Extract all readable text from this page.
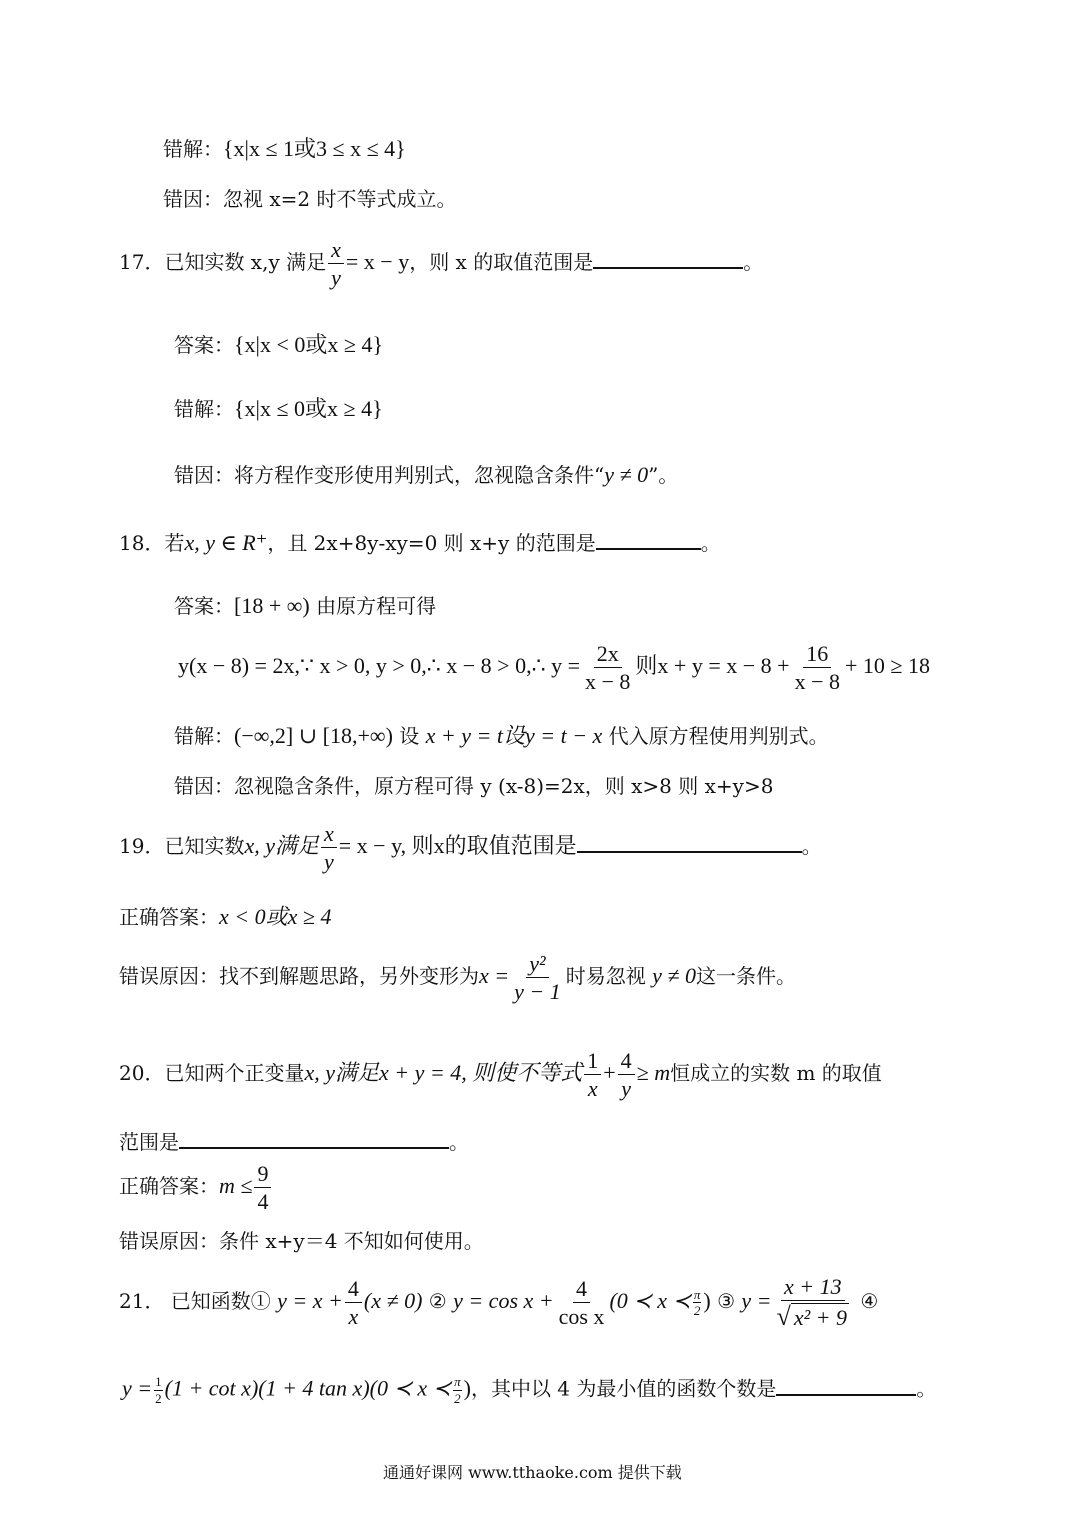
错解：{x|x ≤ 1或3 ≤ x ≤ 4}
错因：忽视 x=2 时不等式成立。
17．已知实数 x,y 满足 $\frac{x}{y} = x - y$，则 x 的取值范围是	。
答案：{x|x < 0或x ≥ 4}
错解：{x|x ≤ 0或x ≥ 4}
错因：将方程作变形使用判别式，忽视隐含条件“y ≠ 0”。
18．若x, y ∈ R⁺，且 2x+8y-xy=0 则 x+y 的范围是	。
答案：[18 + ∞) 由原方程可得
y(x − 8) = 2x,∵ x > 0, y > 0,∴ x − 8 > 0,∴ $y = \frac{2x}{x - 8}$ 则$x + y = x - 8 + \frac{16}{x - 8} + 10 \ge 18$
错解：(−∞,2] ∪ [18,+∞) 设 x + y = t设y = t − x 代入原方程使用判别式。
错因：忽视隐含条件，原方程可得 y (x-8)=2x，则 x>8 则 x+y>8
19．已知实数x, y满足 $\frac{x}{y} = x - y$, 则x的取值范围是	。
正确答案：x < 0或x ≥ 4
错误原因：找不到解题思路，另外变形为$x = \frac{\text{y²}}{y - 1}$ 时易忽视 y ≠ 0这一条件。
20．已知两个正变量x, y满足x + y = 4, 则使不等式 $\frac{1}{x} + \frac{4}{y} \ge m$恒成立的实数 m 的取值
范围是	。
正确答案：$m \le \frac{9}{4}$
错误原因：条件 x+y＝4 不知如何使用。
21． 已知函数① $y = x + \frac{4}{x} (x \ne 0)$ ② $y = \cos x + \frac{4}{\text{cos x}} (0$ ≺ x ≺ $\frac{\pi}{2}$ ) ③ $y = \frac{x + 13}{\text{√ x² + 9}}$ ④
$y = \frac{1}{2} (1 + \cot x)(1 + 4$ tan x)(0 ≺ x ≺ $\frac{\pi}{2}$ )，其中以 4 为最小值的函数个数是	。
通通好课网 www.tthaoke.com 提供下载
